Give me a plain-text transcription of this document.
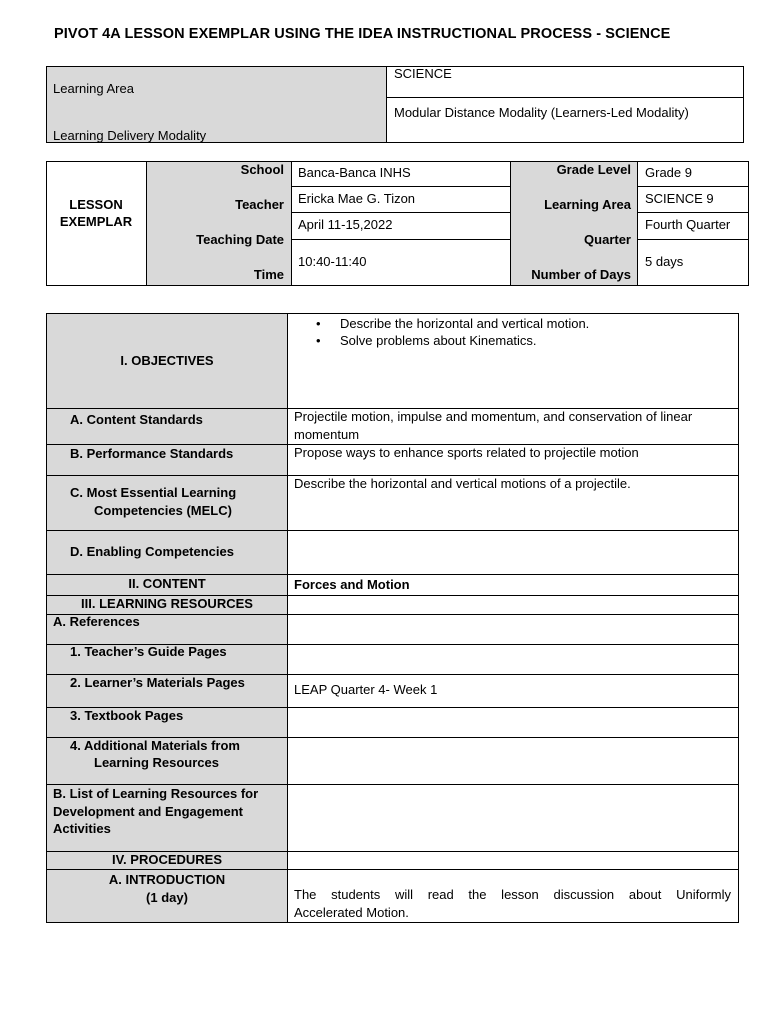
PIVOT 4A LESSON EXEMPLAR USING THE IDEA INSTRUCTIONAL PROCESS - SCIENCE
Learning Area
Learning Delivery Modality
SCIENCE
Modular Distance Modality (Learners-Led Modality)
LESSON
EXEMPLAR
School
Teacher
Teaching Date
Time
Banca-Banca INHS
Ericka Mae G. Tizon
April 11-15,2022
10:40-11:40
Grade Level
Learning Area
Quarter
Number of Days
Grade 9
SCIENCE 9
Fourth Quarter
5 days
I. OBJECTIVES
A. Content Standards
B. Performance Standards
C. Most Essential Learning
Competencies (MELC)
D. Enabling Competencies
II. CONTENT
III. LEARNING RESOURCES
A. References
1. Teacher’s Guide Pages
2. Learner’s Materials Pages
3. Textbook Pages
4. Additional Materials from
Learning Resources
B. List of Learning Resources for
Development and Engagement
Activities
IV. PROCEDURES
A. INTRODUCTION
(1 day)
• Describe the horizontal and vertical motion.
• Solve problems about Kinematics.
Projectile motion, impulse and momentum, and conservation of linear
momentum
Propose ways to enhance sports related to projectile motion
Describe the horizontal and vertical motions of a projectile.
Forces and Motion
LEAP Quarter 4- Week 1
The students will read the lesson discussion about Uniformly
Accelerated Motion.
